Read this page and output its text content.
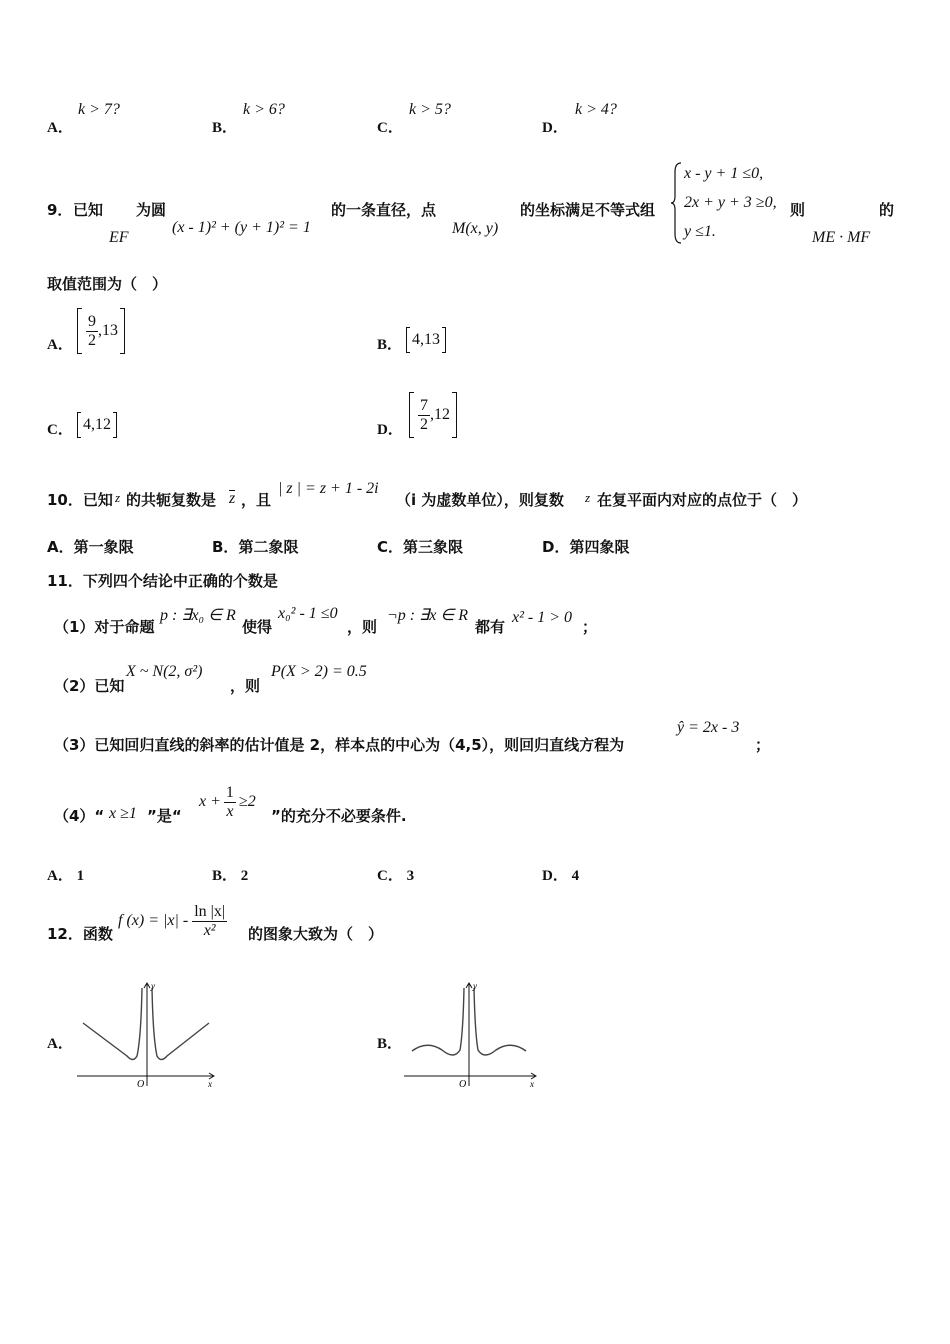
A．
k > 7?
B．
k > 6?
C．
k > 5?
D．
k > 4?
9． 已知
EF
为圆
(x - 1)² + (y + 1)² = 1
的一条直径，点
M(x, y)
的坐标满足不等式组
x - y + 1 ≤0,
2x + y + 3 ≥0,
y ≤1.
则
ME · MF
的
取值范围为（　）
A． $\frac{9}{2} ,13$
B． 4,13
C． 4,12	D． $\frac{7}{2} ,12$
10．已知 z 的共轭复数是 z ，且
| z | = z + 1 - 2i
（i 为虚数单位），则复数 z 在复平面内对应的点位于（　）
A．第一象限	B．第二象限	C．第三象限	D．第四象限
11．下列四个结论中正确的个数是
（1）对于命题
p : ∃x₀ ∈ R
使得
x₀² - 1 ≤0
，则
¬p : ∃x ∈ R
都有
x² - 1 > 0
；
（2）已知
X ~ N(2, σ²)
，则
P(X > 2) = 0.5
（3）已知回归直线的斜率的估计值是 2，样本点的中心为（4,5），则回归直线方程为
ŷ = 2x - 3
；
（4）“ x ≥1 ”是“
$x + \frac{1}{x} \ge 2$
”的充分不必要条件.
A． 1	B． 2	C． 3	D． 4
12．函数
f $(x) = |x| - \frac{\ln |x|}{\text{x²}}$ 的图象大致为（　）
A．
y
x
O
B．
y
x
O
